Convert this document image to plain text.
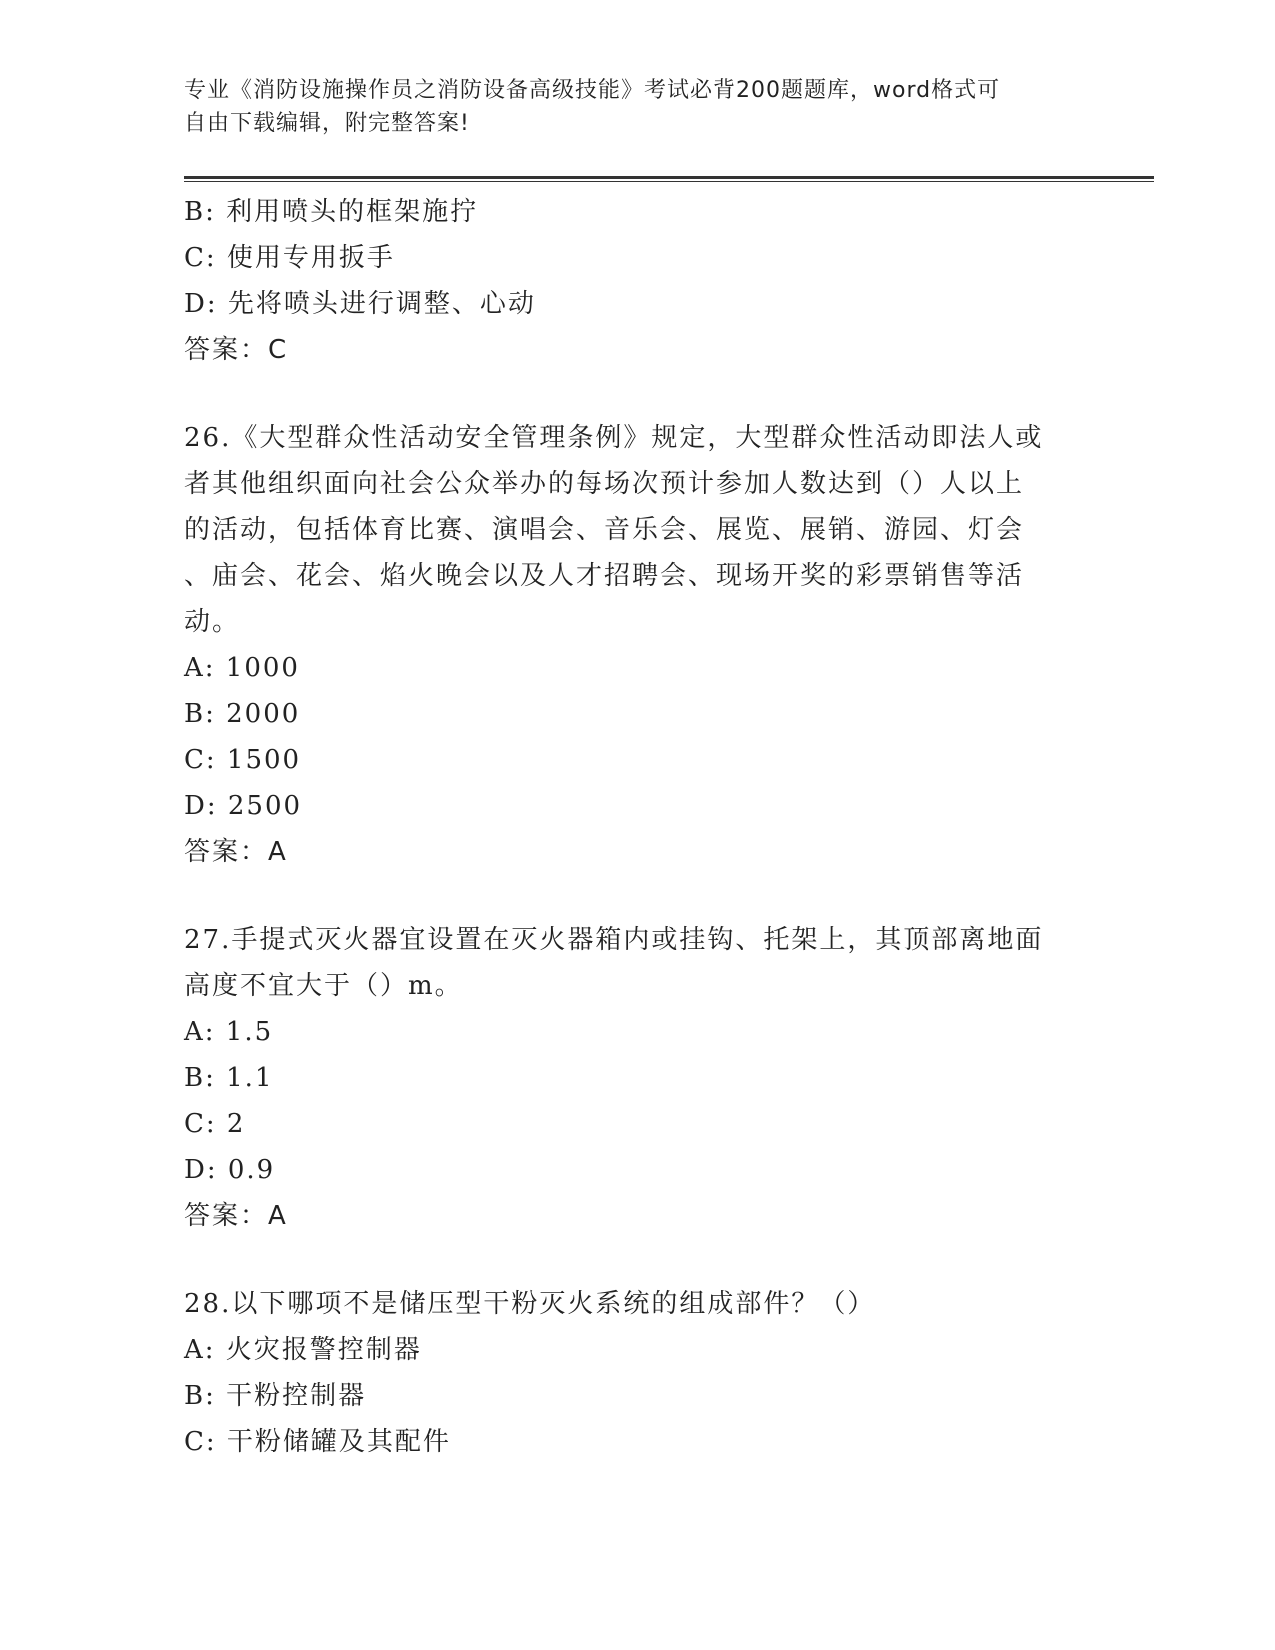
专业《消防设施操作员之消防设备高级技能》考试必背200题题库，word格式可

自由下载编辑，附完整答案!

B: 利用喷头的框架施拧

C: 使用专用扳手

D: 先将喷头进行调整、心动

答案：C

26.《大型群众性活动安全管理条例》规定，大型群众性活动即法人或

者其他组织面向社会公众举办的每场次预计参加人数达到（）人以上

的活动，包括体育比赛、演唱会、音乐会、展览、展销、游园、灯会

、庙会、花会、焰火晚会以及人才招聘会、现场开奖的彩票销售等活

动。

A: 1000

B: 2000

C: 1500

D: 2500

答案：A

27.手提式灭火器宜设置在灭火器箱内或挂钩、托架上，其顶部离地面

高度不宜大于（）m。

A: 1.5

B: 1.1

C: 2

D: 0.9

答案：A

28.以下哪项不是储压型干粉灭火系统的组成部件？（）

A: 火灾报警控制器

B: 干粉控制器

C: 干粉储罐及其配件
